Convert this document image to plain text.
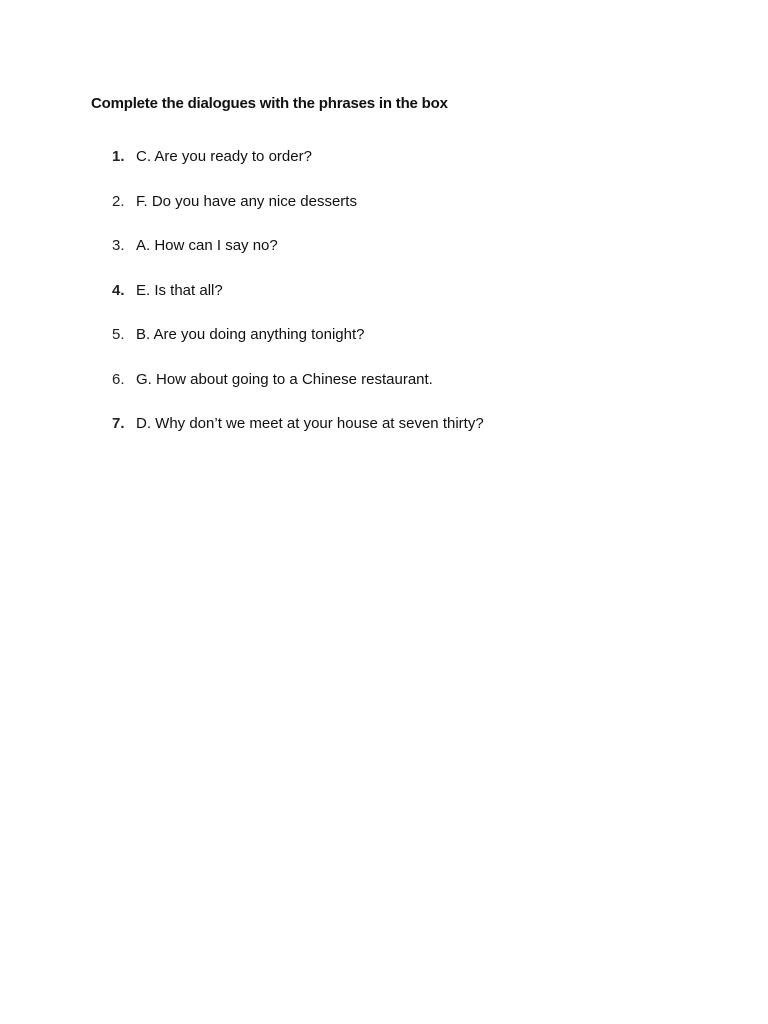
Complete the dialogues with the phrases in the box
1. C. Are you ready to order?
2. F. Do you have any nice desserts
3. A. How can I say no?
4. E. Is that all?
5. B. Are you doing anything tonight?
6. G. How about going to a Chinese restaurant.
7. D. Why don’t we meet at your house at seven thirty?
